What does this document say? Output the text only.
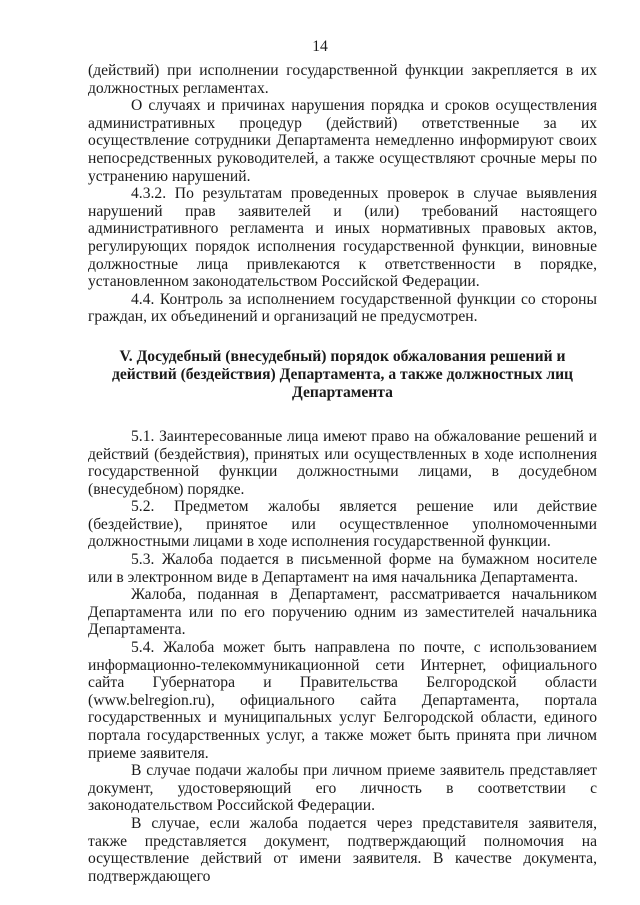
14

(действий) при исполнении государственной функции закрепляется в их должностных регламентах.

О случаях и причинах нарушения порядка и сроков осуществления административных процедур (действий) ответственные за их осуществление сотрудники Департамента немедленно информируют своих непосредственных руководителей, а также осуществляют срочные меры по устранению нарушений.

4.3.2. По результатам проведенных проверок в случае выявления нарушений прав заявителей и (или) требований настоящего административного регламента и иных нормативных правовых актов, регулирующих порядок исполнения государственной функции, виновные должностные лица привлекаются к ответственности в порядке, установленном законодательством Российской Федерации.

4.4. Контроль за исполнением государственной функции со стороны граждан, их объединений и организаций не предусмотрен.

V. Досудебный (внесудебный) порядок обжалования решений и действий (бездействия) Департамента, а также должностных лиц Департамента

5.1. Заинтересованные лица имеют право на обжалование решений и действий (бездействия), принятых или осуществленных в ходе исполнения государственной функции должностными лицами, в досудебном (внесудебном) порядке.

5.2. Предметом жалобы является решение или действие (бездействие), принятое или осуществленное уполномоченными должностными лицами в ходе исполнения государственной функции.

5.3. Жалоба подается в письменной форме на бумажном носителе или в электронном виде в Департамент на имя начальника Департамента.

Жалоба, поданная в Департамент, рассматривается начальником Департамента или по его поручению одним из заместителей начальника Департамента.

5.4. Жалоба может быть направлена по почте, с использованием информационно-телекоммуникационной сети Интернет, официального сайта Губернатора и Правительства Белгородской области (www.belregion.ru), официального сайта Департамента, портала государственных и муниципальных услуг Белгородской области, единого портала государственных услуг, а также может быть принята при личном приеме заявителя.

В случае подачи жалобы при личном приеме заявитель представляет документ, удостоверяющий его личность в соответствии с законодательством Российской Федерации.

В случае, если жалоба подается через представителя заявителя, также представляется документ, подтверждающий полномочия на осуществление действий от имени заявителя. В качестве документа, подтверждающего
